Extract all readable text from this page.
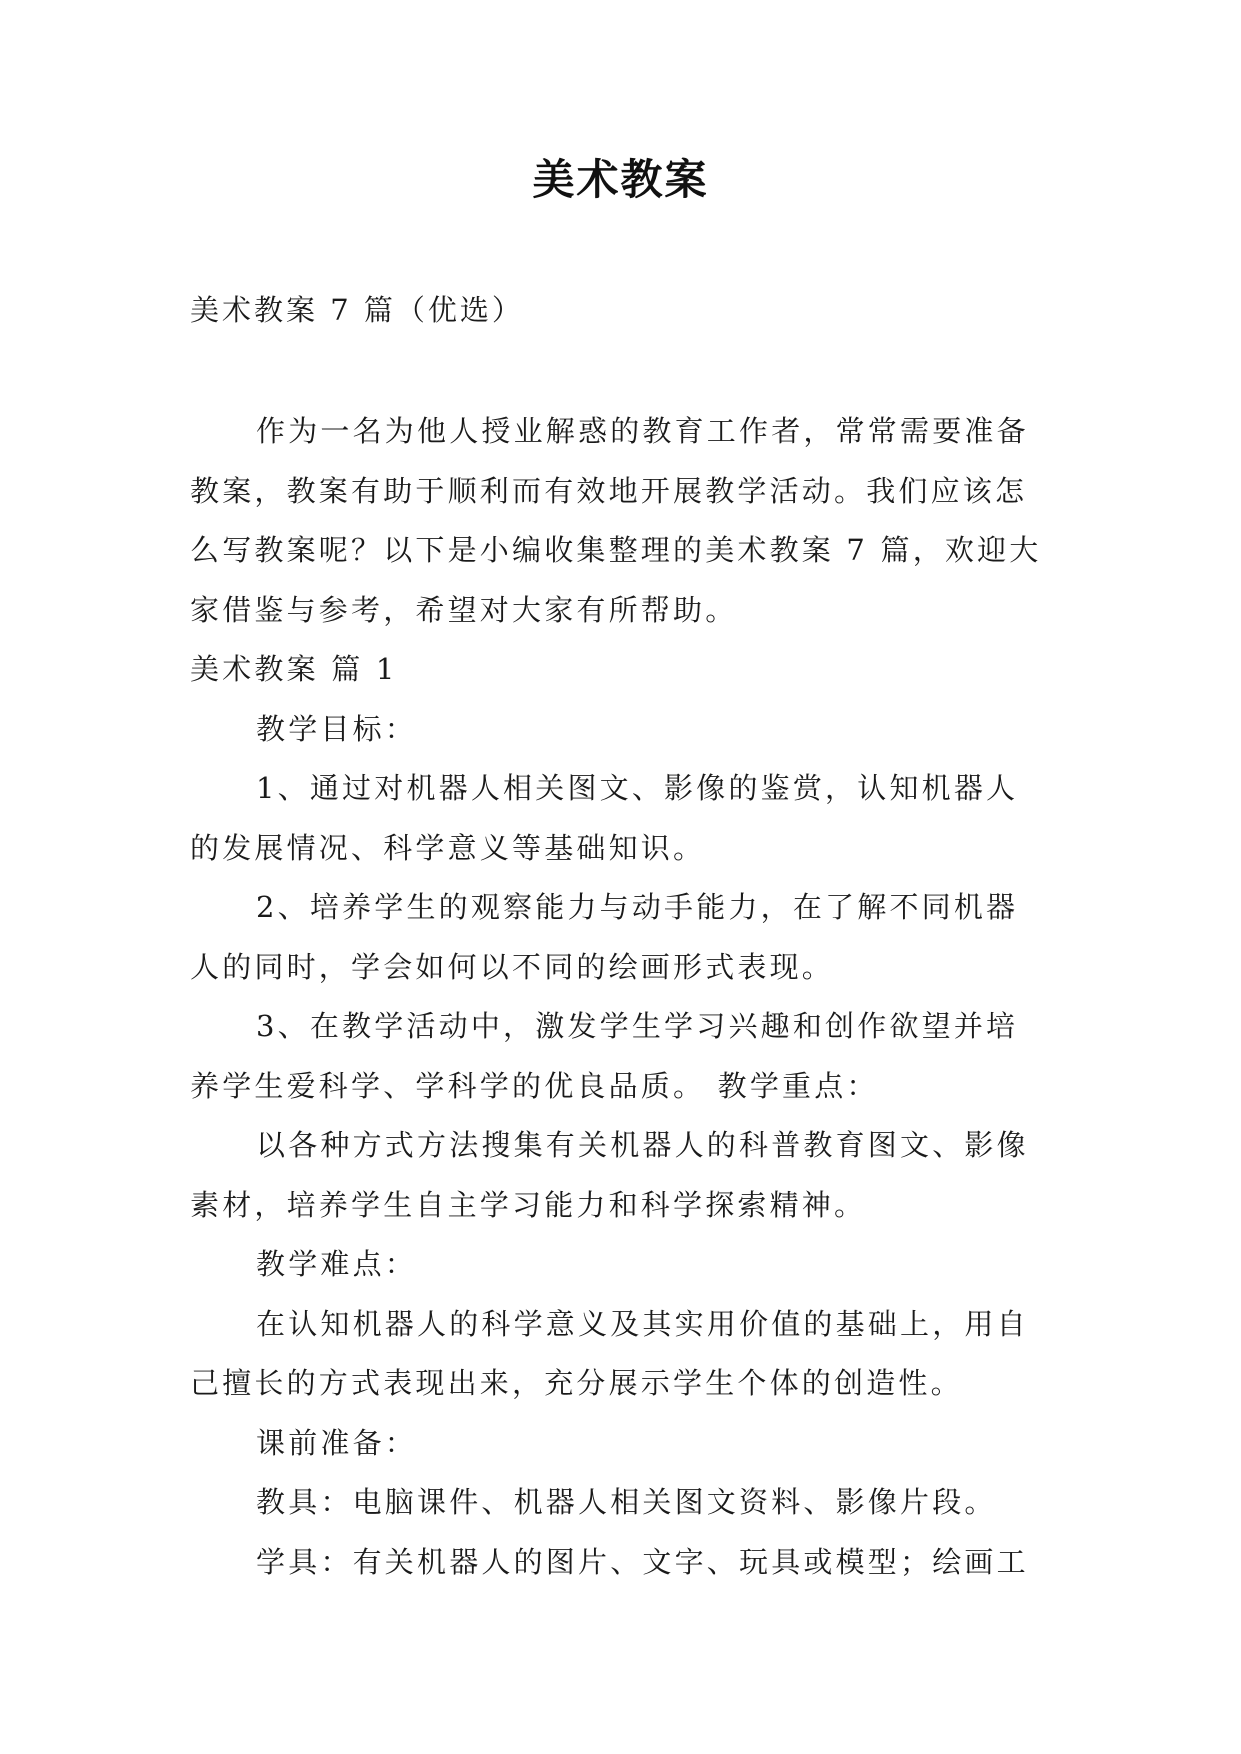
美术教案
美术教案 7 篇（优选）
作为一名为他人授业解惑的教育工作者，常常需要准备
教案，教案有助于顺利而有效地开展教学活动。我们应该怎
么写教案呢？以下是小编收集整理的美术教案 7 篇，欢迎大
家借鉴与参考，希望对大家有所帮助。
美术教案 篇 1
教学目标：
1、通过对机器人相关图文、影像的鉴赏，认知机器人
的发展情况、科学意义等基础知识。
2、培养学生的观察能力与动手能力，在了解不同机器
人的同时，学会如何以不同的绘画形式表现。
3、在教学活动中，激发学生学习兴趣和创作欲望并培
养学生爱科学、学科学的优良品质。 教学重点：
以各种方式方法搜集有关机器人的科普教育图文、影像
素材，培养学生自主学习能力和科学探索精神。
教学难点：
在认知机器人的科学意义及其实用价值的基础上，用自
己擅长的方式表现出来，充分展示学生个体的创造性。
课前准备：
教具：电脑课件、机器人相关图文资料、影像片段。
学具：有关机器人的图片、文字、玩具或模型；绘画工
